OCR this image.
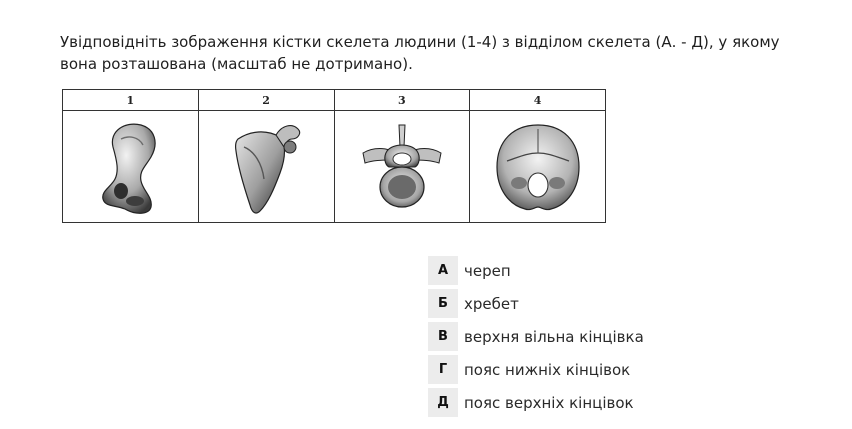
Увідповідніть зображення кістки скелета людини (1-4) з відділом скелета (А. - Д), у якому вона розташована (масштаб не дотримано).

1	2	3	4

А	череп
Б	хребет
В	верхня вільна кінцівка
Г	пояс нижніх кінцівок
Д	пояс верхніх кінцівок
